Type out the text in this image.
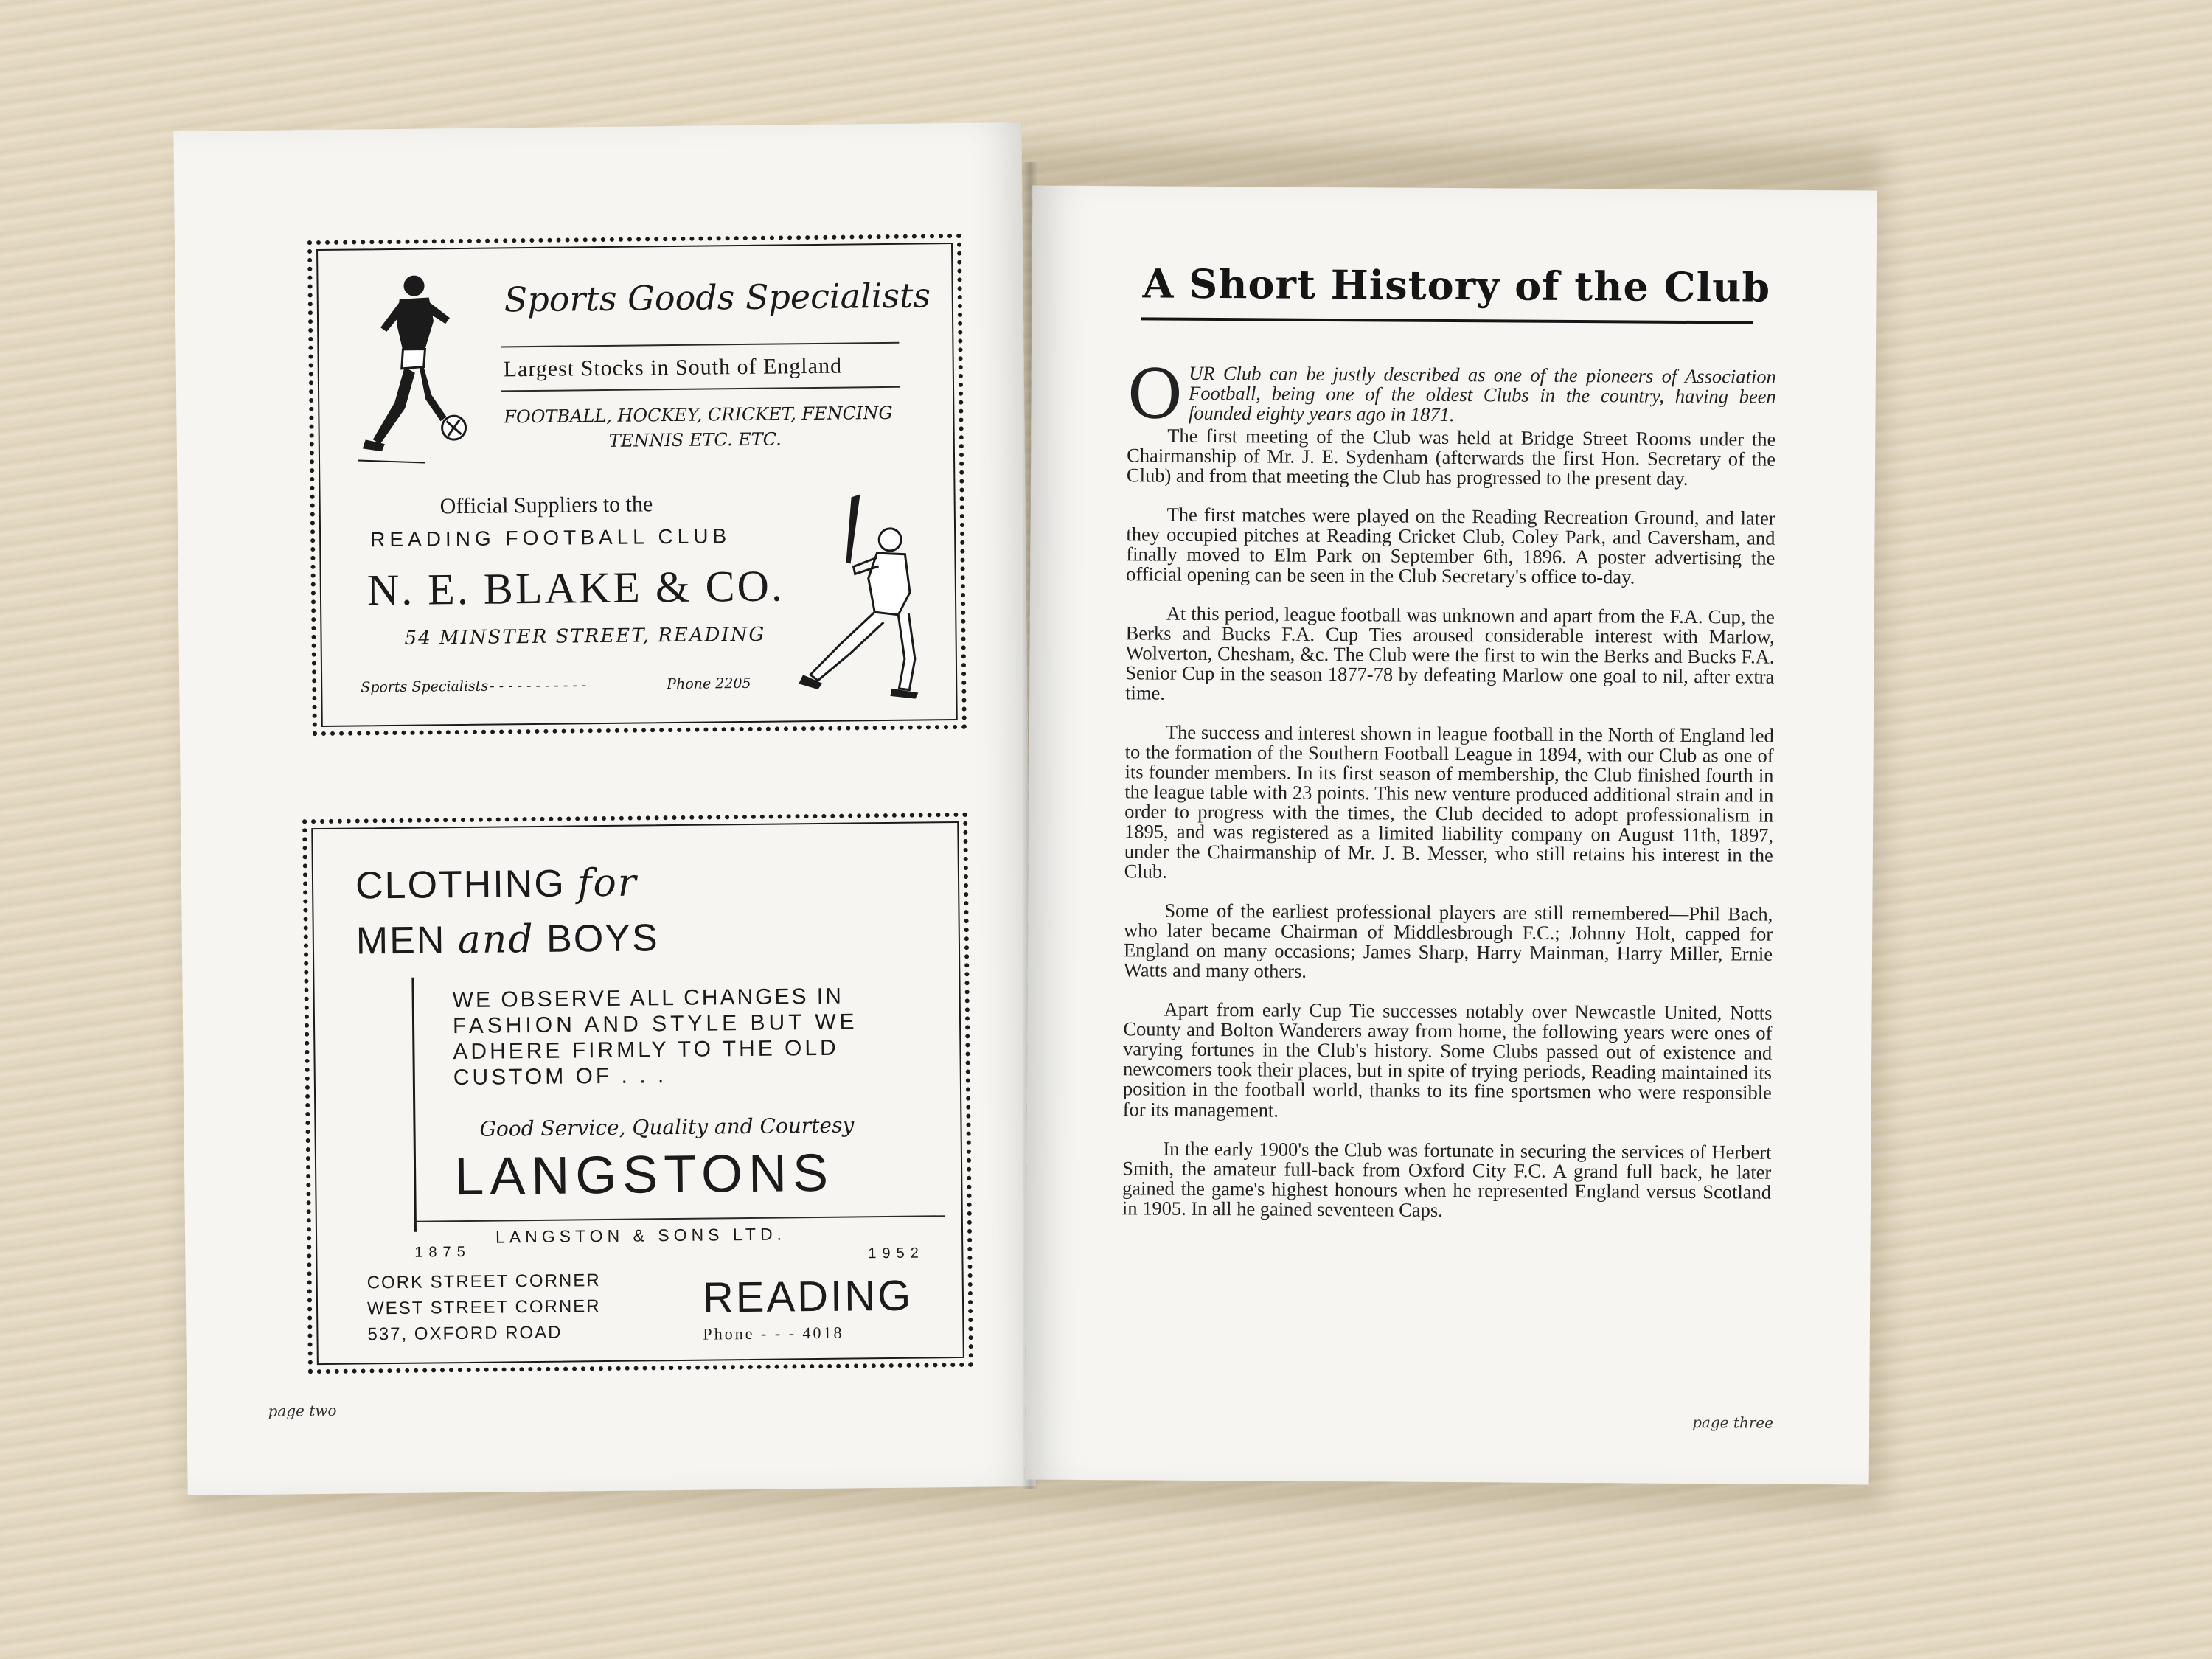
Sports Goods Specialists
Largest Stocks in South of England
FOOTBALL, HOCKEY, CRICKET, FENCING
TENNIS ETC. ETC.
Official Suppliers to the
READING FOOTBALL CLUB
N. E. BLAKE & CO.
54 MINSTER STREET, READING
Sports Specialists - - - - - - - - - - -	Phone 2205
CLOTHING for
MEN and BOYS
WE OBSERVE ALL CHANGES IN
FASHION AND STYLE BUT WE
ADHERE FIRMLY TO THE OLD
CUSTOM OF . . .
Good Service, Quality and Courtesy
LANGSTONS
LANGSTON & SONS LTD.
1875	1952
CORK STREET CORNER
WEST STREET CORNER
537, OXFORD ROAD
READING
Phone - - - 4018
page two
A Short History of the Club

OUR Club can be justly described as one of the pioneers of Association Football, being one of the oldest Clubs in the country, having been founded eighty years ago in 1871.

The first meeting of the Club was held at Bridge Street Rooms under the Chairmanship of Mr. J. E. Sydenham (afterwards the first Hon. Secretary of the Club) and from that meeting the Club has progressed to the present day.

The first matches were played on the Reading Recreation Ground, and later they occupied pitches at Reading Cricket Club, Coley Park, and Caversham, and finally moved to Elm Park on September 6th, 1896. A poster advertising the official opening can be seen in the Club Secretary's office to-day.

At this period, league football was unknown and apart from the F.A. Cup, the Berks and Bucks F.A. Cup Ties aroused considerable interest with Marlow, Wolverton, Chesham, &c. The Club were the first to win the Berks and Bucks F.A. Senior Cup in the season 1877-78 by defeating Marlow one goal to nil, after extra time.

The success and interest shown in league football in the North of England led to the formation of the Southern Football League in 1894, with our Club as one of its founder members. In its first season of membership, the Club finished fourth in the league table with 23 points. This new venture produced additional strain and in order to progress with the times, the Club decided to adopt professionalism in 1895, and was registered as a limited liability company on August 11th, 1897, under the Chairmanship of Mr. J. B. Messer, who still retains his interest in the Club.

Some of the earliest professional players are still remembered—Phil Bach, who later became Chairman of Middlesbrough F.C.; Johnny Holt, capped for England on many occasions; James Sharp, Harry Mainman, Harry Miller, Ernie Watts and many others.

Apart from early Cup Tie successes notably over Newcastle United, Notts County and Bolton Wanderers away from home, the following years were ones of varying fortunes in the Club's history. Some Clubs passed out of existence and newcomers took their places, but in spite of trying periods, Reading maintained its position in the football world, thanks to its fine sportsmen who were responsible for its management.

In the early 1900's the Club was fortunate in securing the services of Herbert Smith, the amateur full-back from Oxford City F.C. A grand full back, he later gained the game's highest honours when he represented England versus Scotland in 1905. In all he gained seventeen Caps.

page three
